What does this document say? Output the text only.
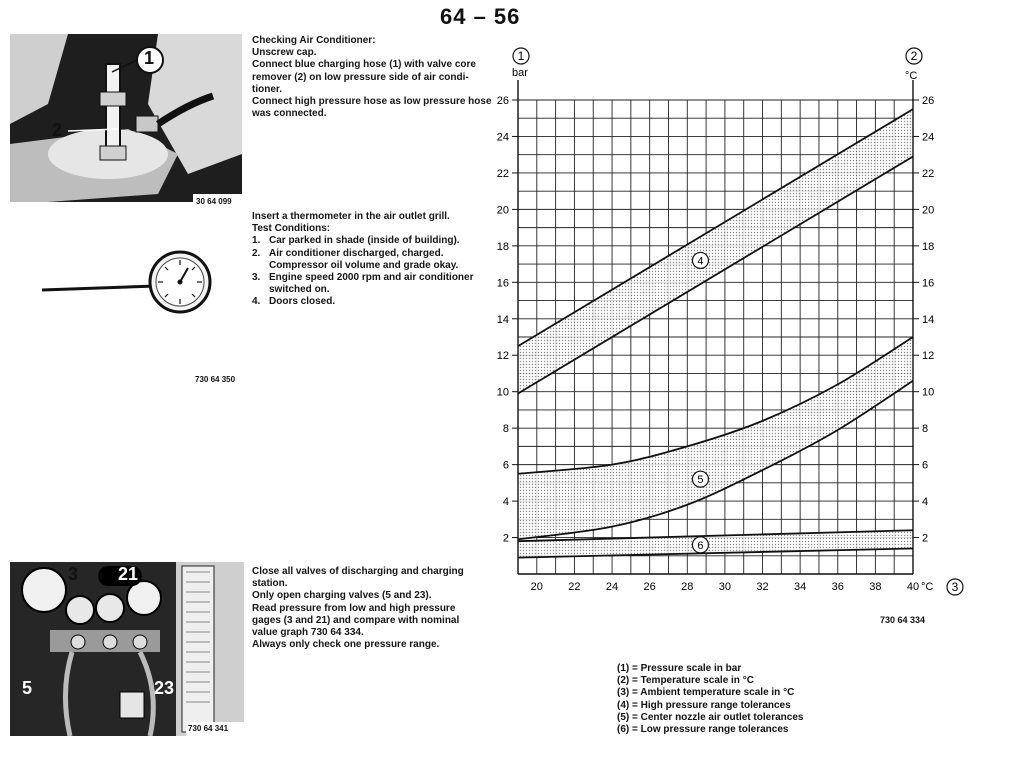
64 – 56
1
2
30 64 099
Checking Air Conditioner:
Unscrew cap.
Connect blue charging hose (1) with valve core
remover (2) on low pressure side of air condi-
tioner.
Connect high pressure hose as low pressure hose
was connected.
730 64 350
Insert a thermometer in the air outlet grill.
Test Conditions:
1. Car parked in shade (inside of building).
2. Air conditioner discharged, charged.
Compressor oil volume and grade okay.
3. Engine speed 2000 rpm and air conditioner
switched on.
4. Doors closed.
3 21
5	23
730 64 341
Close all valves of discharging and charging
station.
Only open charging valves (5 and 23).
Read pressure from low and high pressure
gages (3 and 21) and compare with nominal
value graph 730 64 334.
Always only check one pressure range.
4
5
6
2
4
6
8
10
12
14
16
18
20
22
24
26
2
4
6
8
10
12
14
16
18
20
22
24
26
20 22 24 26 28 30 32 34 36 38 40
1
bar
2
°C
°C 3
730 64 334
(1) = Pressure scale in bar
(2) = Temperature scale in °C
(3) = Ambient temperature scale in °C
(4) = High pressure range tolerances
(5) = Center nozzle air outlet tolerances
(6) = Low pressure range tolerances
